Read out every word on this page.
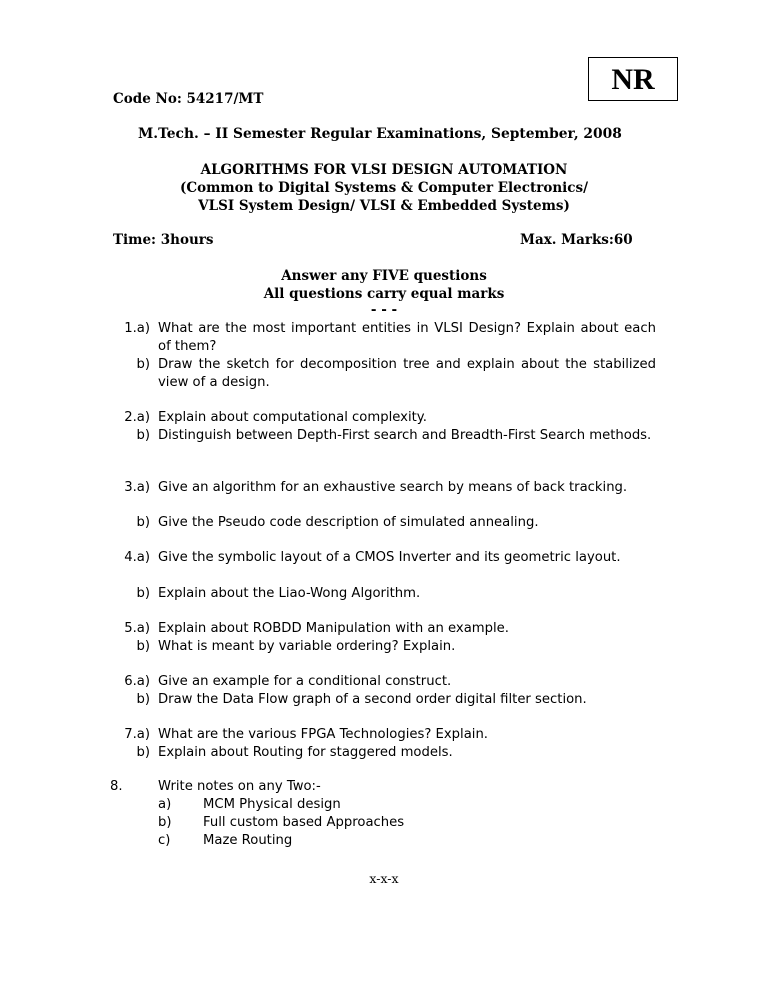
NR
Code No: 54217/MT
M.Tech. – II Semester Regular Examinations, September, 2008
ALGORITHMS FOR VLSI DESIGN AUTOMATION
(Common to Digital Systems & Computer Electronics/
VLSI System Design/ VLSI & Embedded Systems)
Time: 3hours	Max. Marks:60
Answer any FIVE questions
All questions carry equal marks
- - -
1.a) What are the most important entities in VLSI Design? Explain about each of them?
b) Draw the sketch for decomposition tree and explain about the stabilized view of a design.
2.a) Explain about computational complexity.
b) Distinguish between Depth-First search and Breadth-First Search methods.
3.a) Give an algorithm for an exhaustive search by means of back tracking.
b) Give the Pseudo code description of simulated annealing.
4.a) Give the symbolic layout of a CMOS Inverter and its geometric layout.
b) Explain about the Liao-Wong Algorithm.
5.a) Explain about ROBDD Manipulation with an example.
b) What is meant by variable ordering? Explain.
6.a) Give an example for a conditional construct.
b) Draw the Data Flow graph of a second order digital filter section.
7.a) What are the various FPGA Technologies? Explain.
b) Explain about Routing for staggered models.
8.	Write notes on any Two:-
a) MCM Physical design
b) Full custom based Approaches
c) Maze Routing
x-x-x
